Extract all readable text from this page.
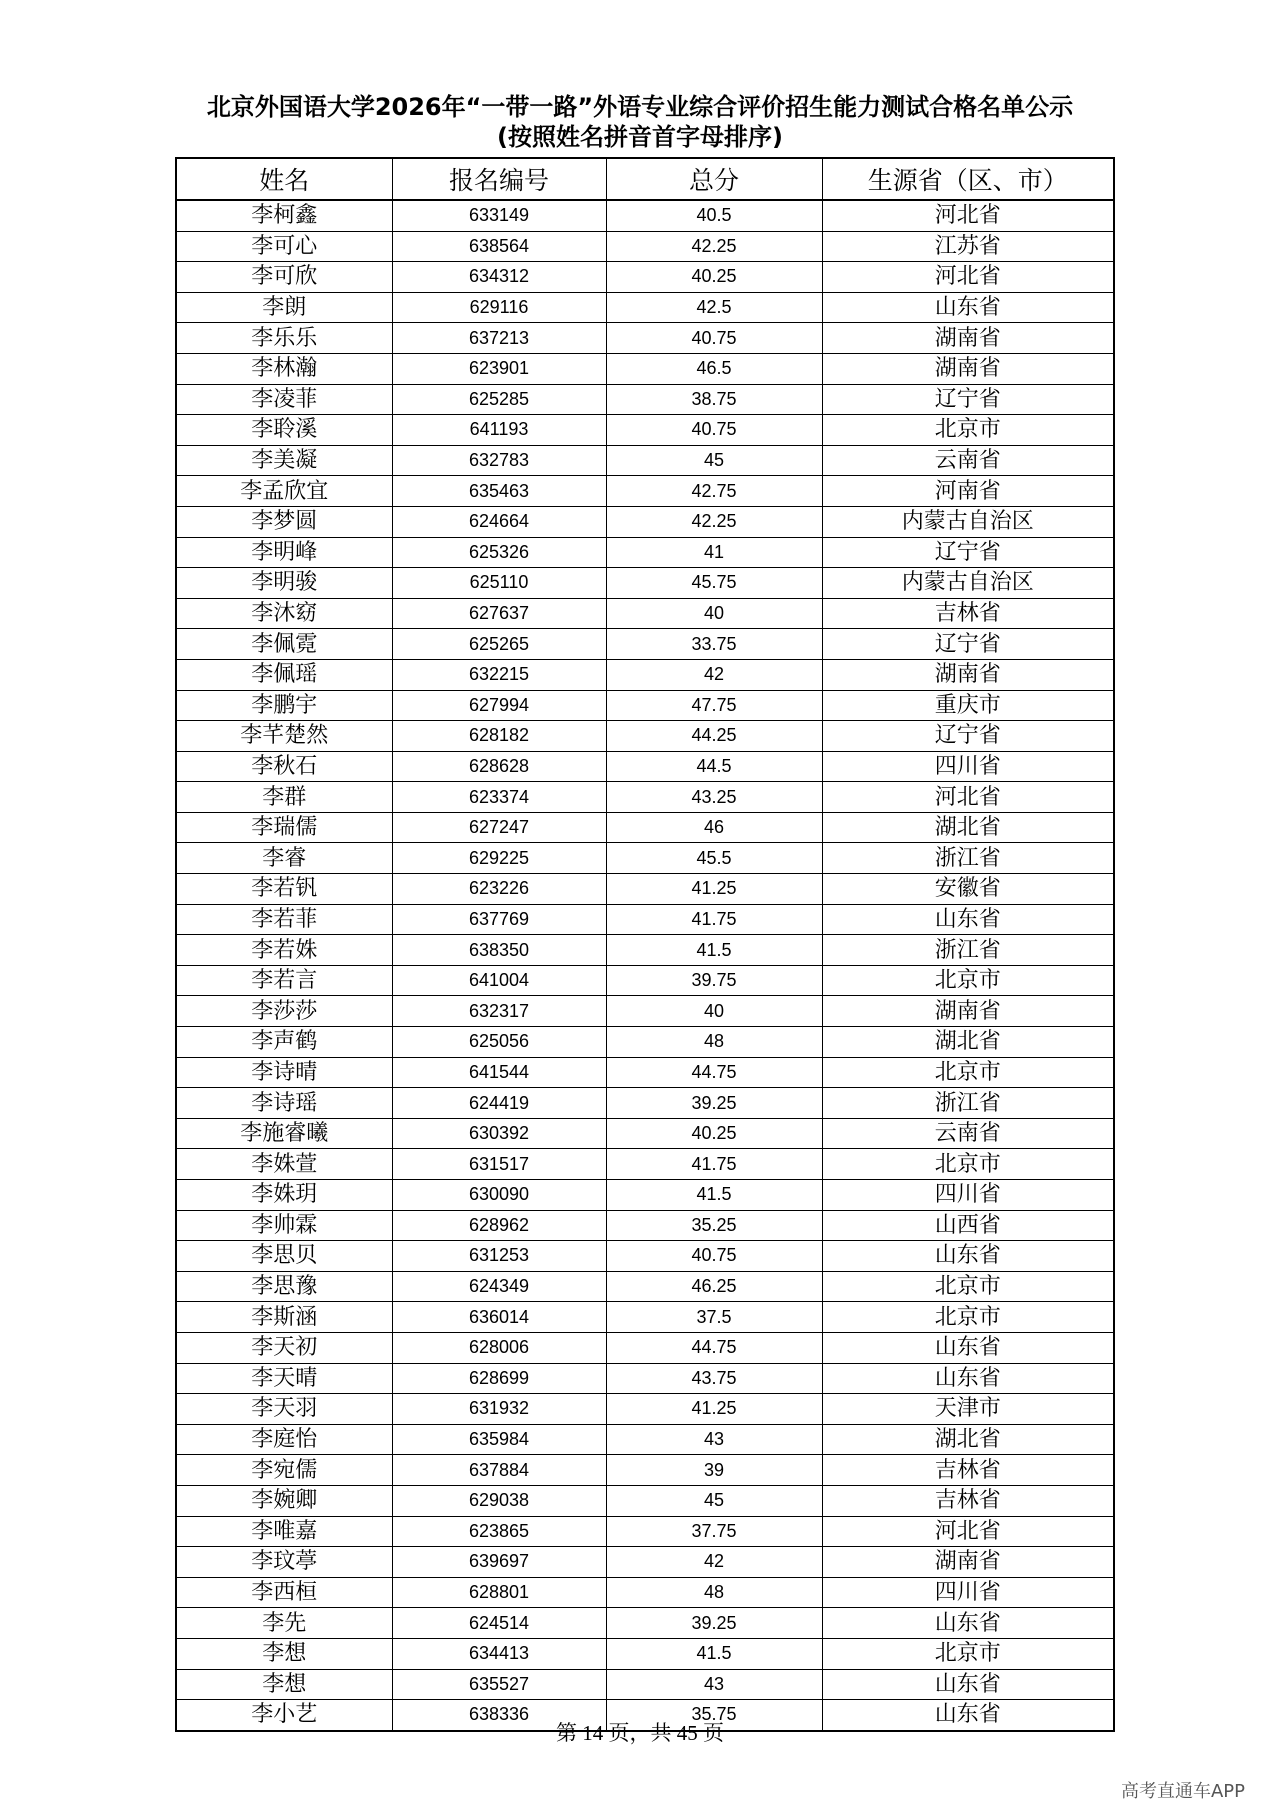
北京外国语大学2026年“一带一路”外语专业综合评价招生能力测试合格名单公示
(按照姓名拼音首字母排序)
姓名	报名编号	总分	生源省（区、市）
李柯鑫	633149	40.5	河北省
李可心	638564	42.25	江苏省
李可欣	634312	40.25	河北省
李朗	629116	42.5	山东省
李乐乐	637213	40.75	湖南省
李林瀚	623901	46.5	湖南省
李凌菲	625285	38.75	辽宁省
李聆溪	641193	40.75	北京市
李美凝	632783	45	云南省
李孟欣宜	635463	42.75	河南省
李梦圆	624664	42.25	内蒙古自治区
李明峰	625326	41	辽宁省
李明骏	625110	45.75	内蒙古自治区
李沐窈	627637	40	吉林省
李佩霓	625265	33.75	辽宁省
李佩瑶	632215	42	湖南省
李鹏宇	627994	47.75	重庆市
李芊楚然	628182	44.25	辽宁省
李秋石	628628	44.5	四川省
李群	623374	43.25	河北省
李瑞儒	627247	46	湖北省
李睿	629225	45.5	浙江省
李若钒	623226	41.25	安徽省
李若菲	637769	41.75	山东省
李若姝	638350	41.5	浙江省
李若言	641004	39.75	北京市
李莎莎	632317	40	湖南省
李声鹤	625056	48	湖北省
李诗晴	641544	44.75	北京市
李诗瑶	624419	39.25	浙江省
李施睿曦	630392	40.25	云南省
李姝萱	631517	41.75	北京市
李姝玥	630090	41.5	四川省
李帅霖	628962	35.25	山西省
李思贝	631253	40.75	山东省
李思豫	624349	46.25	北京市
李斯涵	636014	37.5	北京市
李天初	628006	44.75	山东省
李天晴	628699	43.75	山东省
李天羽	631932	41.25	天津市
李庭怡	635984	43	湖北省
李宛儒	637884	39	吉林省
李婉卿	629038	45	吉林省
李唯嘉	623865	37.75	河北省
李玟葶	639697	42	湖南省
李西桓	628801	48	四川省
李先	624514	39.25	山东省
李想	634413	41.5	北京市
李想	635527	43	山东省
李小艺	638336	35.75	山东省
第 14 页，共 45 页
高考直通车APP
